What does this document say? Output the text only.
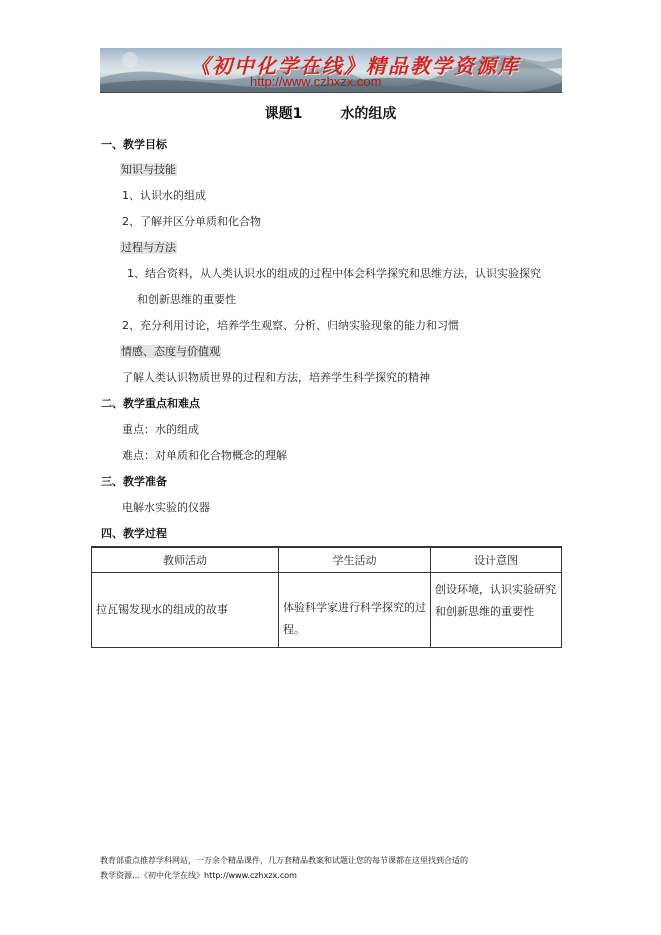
《初中化学在线》精品教学资源库
http://www.czhxzx.com
课题1	水的组成
一、教学目标
知识与技能
1、认识水的组成
2、了解并区分单质和化合物
过程与方法
1、结合资料，从人类认识水的组成的过程中体会科学探究和思维方法，认识实验探究
和创新思维的重要性
2、充分利用讨论，培养学生观察、分析、归纳实验现象的能力和习惯
情感、态度与价值观
了解人类认识物质世界的过程和方法，培养学生科学探究的精神
二、教学重点和难点
重点：水的组成
难点：对单质和化合物概念的理解
三、教学准备
电解水实验的仪器
四、教学过程
教师活动	学生活动	设计意图
拉瓦锡发现水的组成的故事	体验科学家进行科学探究的过程。	创设环境，认识实验研究和创新思维的重要性
教育部重点推荐学科网站，一万余个精品课件，几万套精品教案和试题让您的每节课都在这里找到合适的
教学资源…《初中化学在线》http://www.czhxzx.com
